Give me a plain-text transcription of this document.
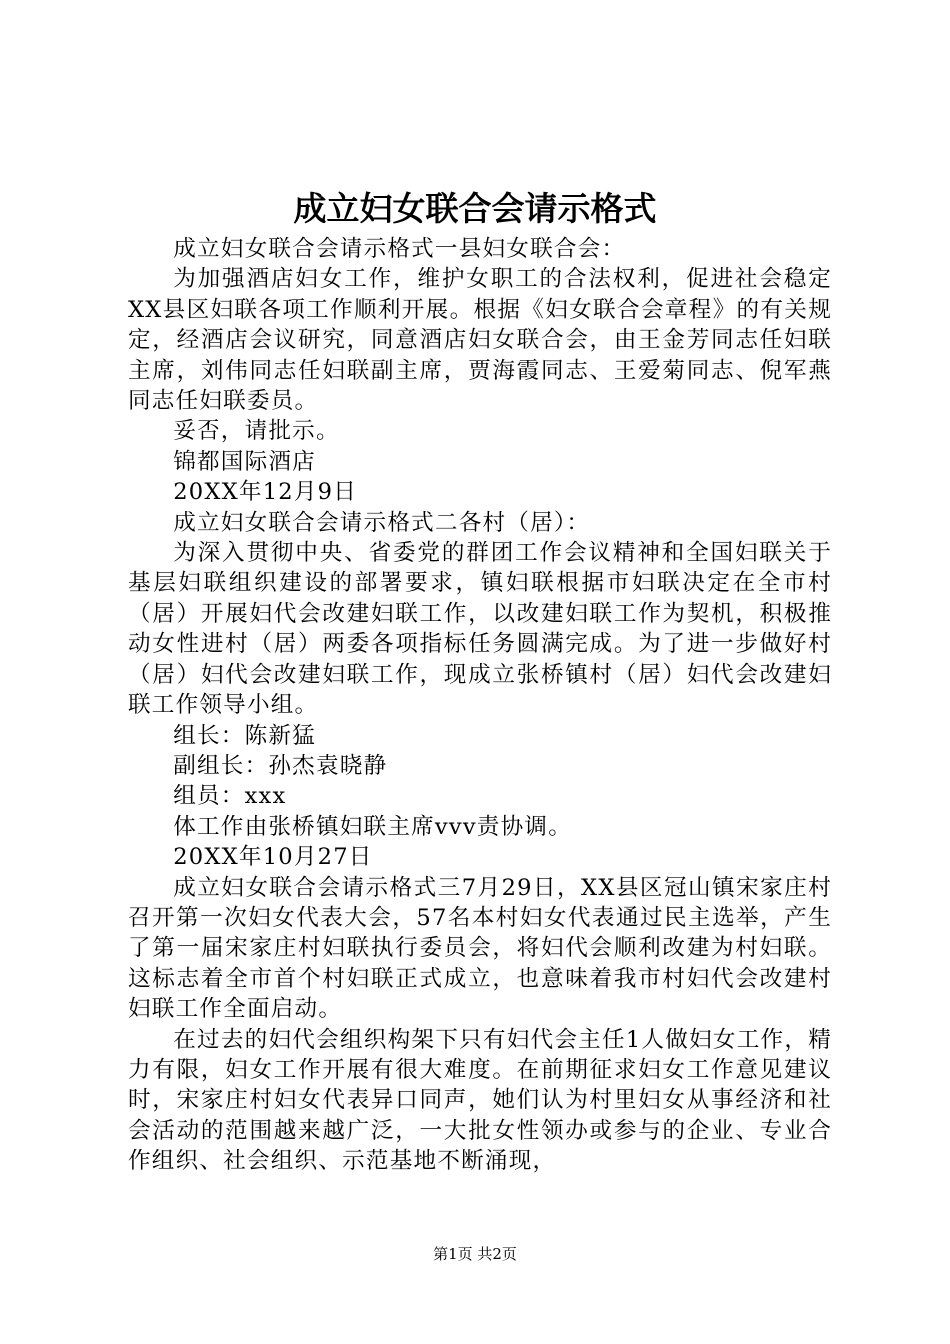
成立妇女联合会请示格式

成立妇女联合会请示格式一县妇女联合会：

为加强酒店妇女工作，维护女职工的合法权利，促进社会稳定XX县区妇联各项工作顺利开展。根据《妇女联合会章程》的有关规定，经酒店会议研究，同意酒店妇女联合会，由王金芳同志任妇联主席，刘伟同志任妇联副主席，贾海霞同志、王爱菊同志、倪军燕同志任妇联委员。

妥否，请批示。

锦都国际酒店

20XX年12月9日

成立妇女联合会请示格式二各村（居）：

为深入贯彻中央、省委党的群团工作会议精神和全国妇联关于基层妇联组织建设的部署要求，镇妇联根据市妇联决定在全市村（居）开展妇代会改建妇联工作，以改建妇联工作为契机，积极推动女性进村（居）两委各项指标任务圆满完成。为了进一步做好村（居）妇代会改建妇联工作，现成立张桥镇村（居）妇代会改建妇联工作领导小组。

组长：陈新猛

副组长：孙杰袁晓静

组员：xxx

体工作由张桥镇妇联主席vvv责协调。

20XX年10月27日

成立妇女联合会请示格式三7月29日，XX县区冠山镇宋家庄村召开第一次妇女代表大会，57名本村妇女代表通过民主选举，产生了第一届宋家庄村妇联执行委员会，将妇代会顺利改建为村妇联。这标志着全市首个村妇联正式成立，也意味着我市村妇代会改建村妇联工作全面启动。

在过去的妇代会组织构架下只有妇代会主任1人做妇女工作，精力有限，妇女工作开展有很大难度。在前期征求妇女工作意见建议时，宋家庄村妇女代表异口同声，她们认为村里妇女从事经济和社会活动的范围越来越广泛，一大批女性领办或参与的企业、专业合作组织、社会组织、示范基地不断涌现，

第1页 共2页
